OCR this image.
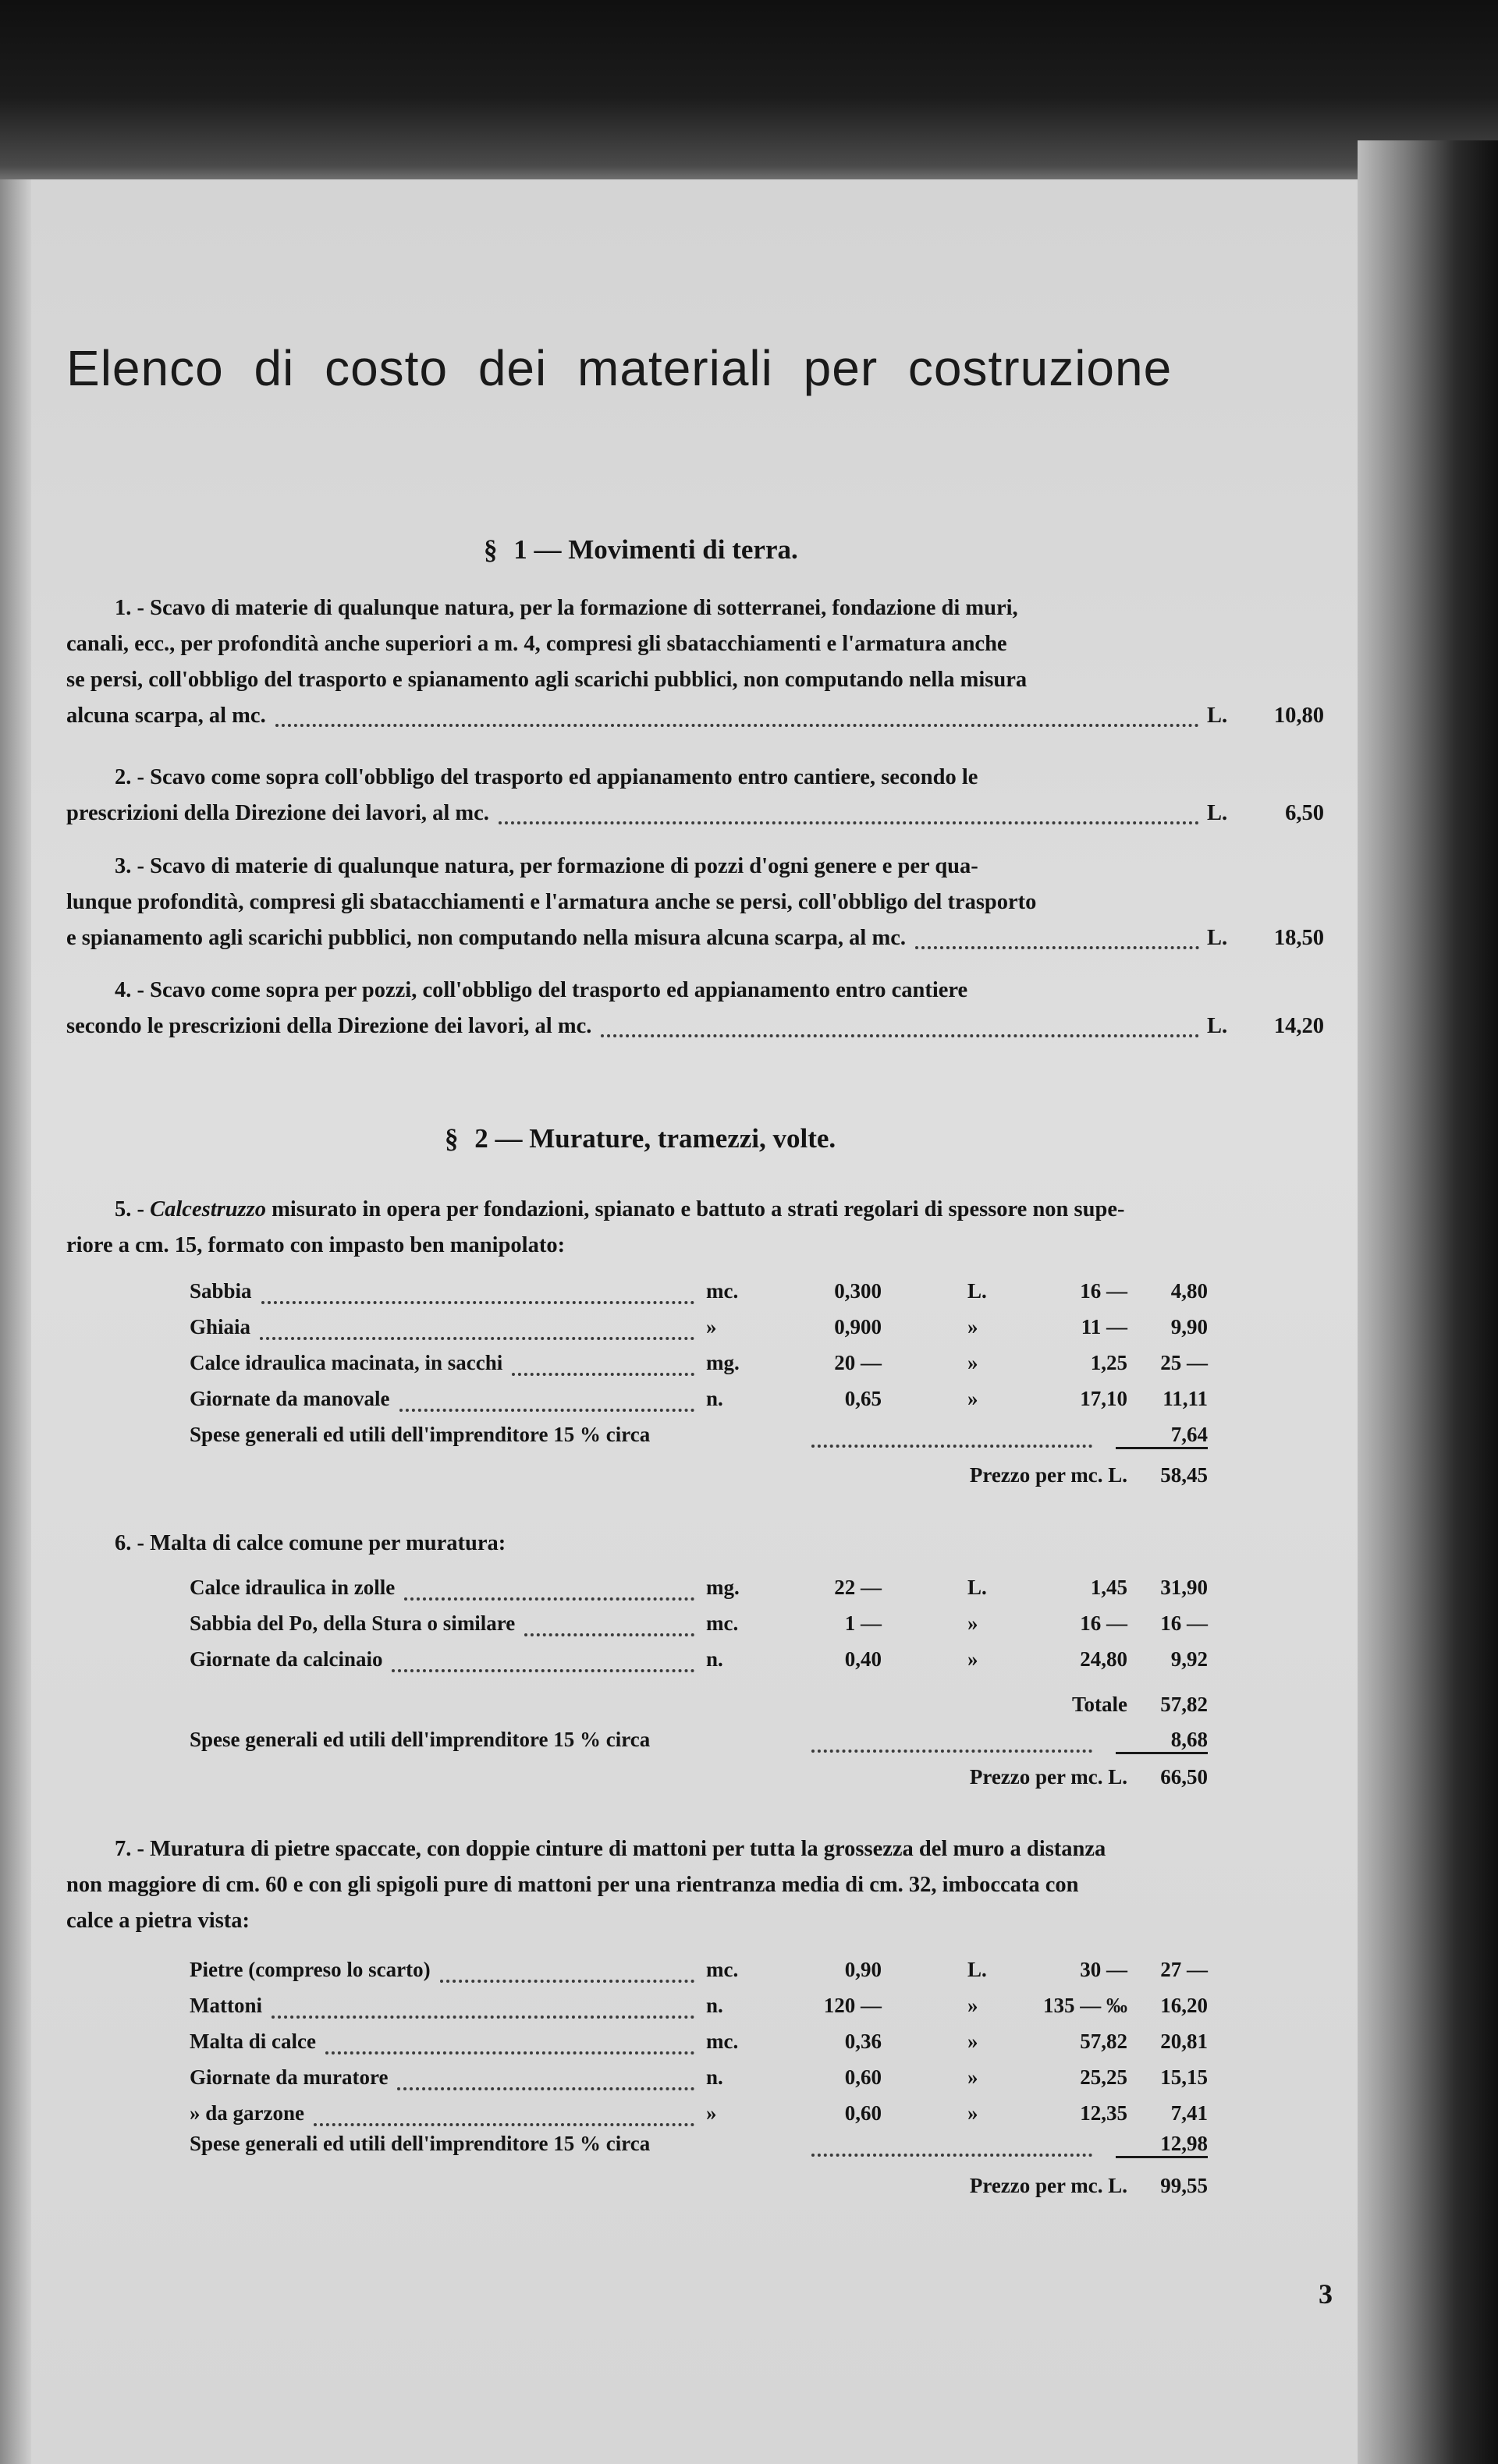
Elenco di costo dei materiali per costruzione
§ 1 — Movimenti di terra.
1. - Scavo di materie di qualunque natura, per la formazione di sotterranei, fondazione di muri,
canali, ecc., per profondità anche superiori a m. 4, compresi gli sbatacchiamenti e l'armatura anche
se persi, coll'obbligo del trasporto e spianamento agli scarichi pubblici, non computando nella misura
alcuna scarpa, al mc.	L. 10,80
2. - Scavo come sopra coll'obbligo del trasporto ed appianamento entro cantiere, secondo le
prescrizioni della Direzione dei lavori, al mc.	L.	6,50
3. - Scavo di materie di qualunque natura, per formazione di pozzi d'ogni genere e per qua-
lunque profondità, compresi gli sbatacchiamenti e l'armatura anche se persi, coll'obbligo del trasporto
e spianamento agli scarichi pubblici, non computando nella misura alcuna scarpa, al mc.	L. 18,50
4. - Scavo come sopra per pozzi, coll'obbligo del trasporto ed appianamento entro cantiere
secondo le prescrizioni della Direzione dei lavori, al mc.	L. 14,20
§ 2 — Murature, tramezzi, volte.
5. - Calcestruzzo misurato in opera per fondazioni, spianato e battuto a strati regolari di spessore non supe-
riore a cm. 15, formato con impasto ben manipolato:
Sabbia	mc.	0,300	L.	16 —	4,80
Ghiaia	»	0,900	»	11 —	9,90
Calce idraulica macinata, in sacchi	mg.	20 —	»	1,25	25 —
Giornate da manovale	n.	0,65	»	17,10	11,11
Spese generali ed utili dell'imprenditore 15 % circa	7,64
Prezzo per mc. L.	58,45
6. - Malta di calce comune per muratura:
Calce idraulica in zolle	mg.	22 —	L.	1,45	31,90
Sabbia del Po, della Stura o similare	mc.	1 —	»	16 —	16 —
Giornate da calcinaio	n.	0,40	»	24,80	9,92
Totale	57,82
Spese generali ed utili dell'imprenditore 15 % circa	8,68
Prezzo per mc. L.	66,50
7. - Muratura di pietre spaccate, con doppie cinture di mattoni per tutta la grossezza del muro a distanza
non maggiore di cm. 60 e con gli spigoli pure di mattoni per una rientranza media di cm. 32, imboccata con
calce a pietra vista:
Pietre (compreso lo scarto)	mc.	0,90	L.	30 —	27 —
Mattoni	n.	120 —	»	135 — ‰	16,20
Malta di calce	mc.	0,36	»	57,82	20,81
Giornate da muratore	n.	0,60	»	25,25	15,15
» da garzone	»	0,60	»	12,35	7,41
Spese generali ed utili dell'imprenditore 15 % circa	12,98
Prezzo per mc. L.	99,55
3
